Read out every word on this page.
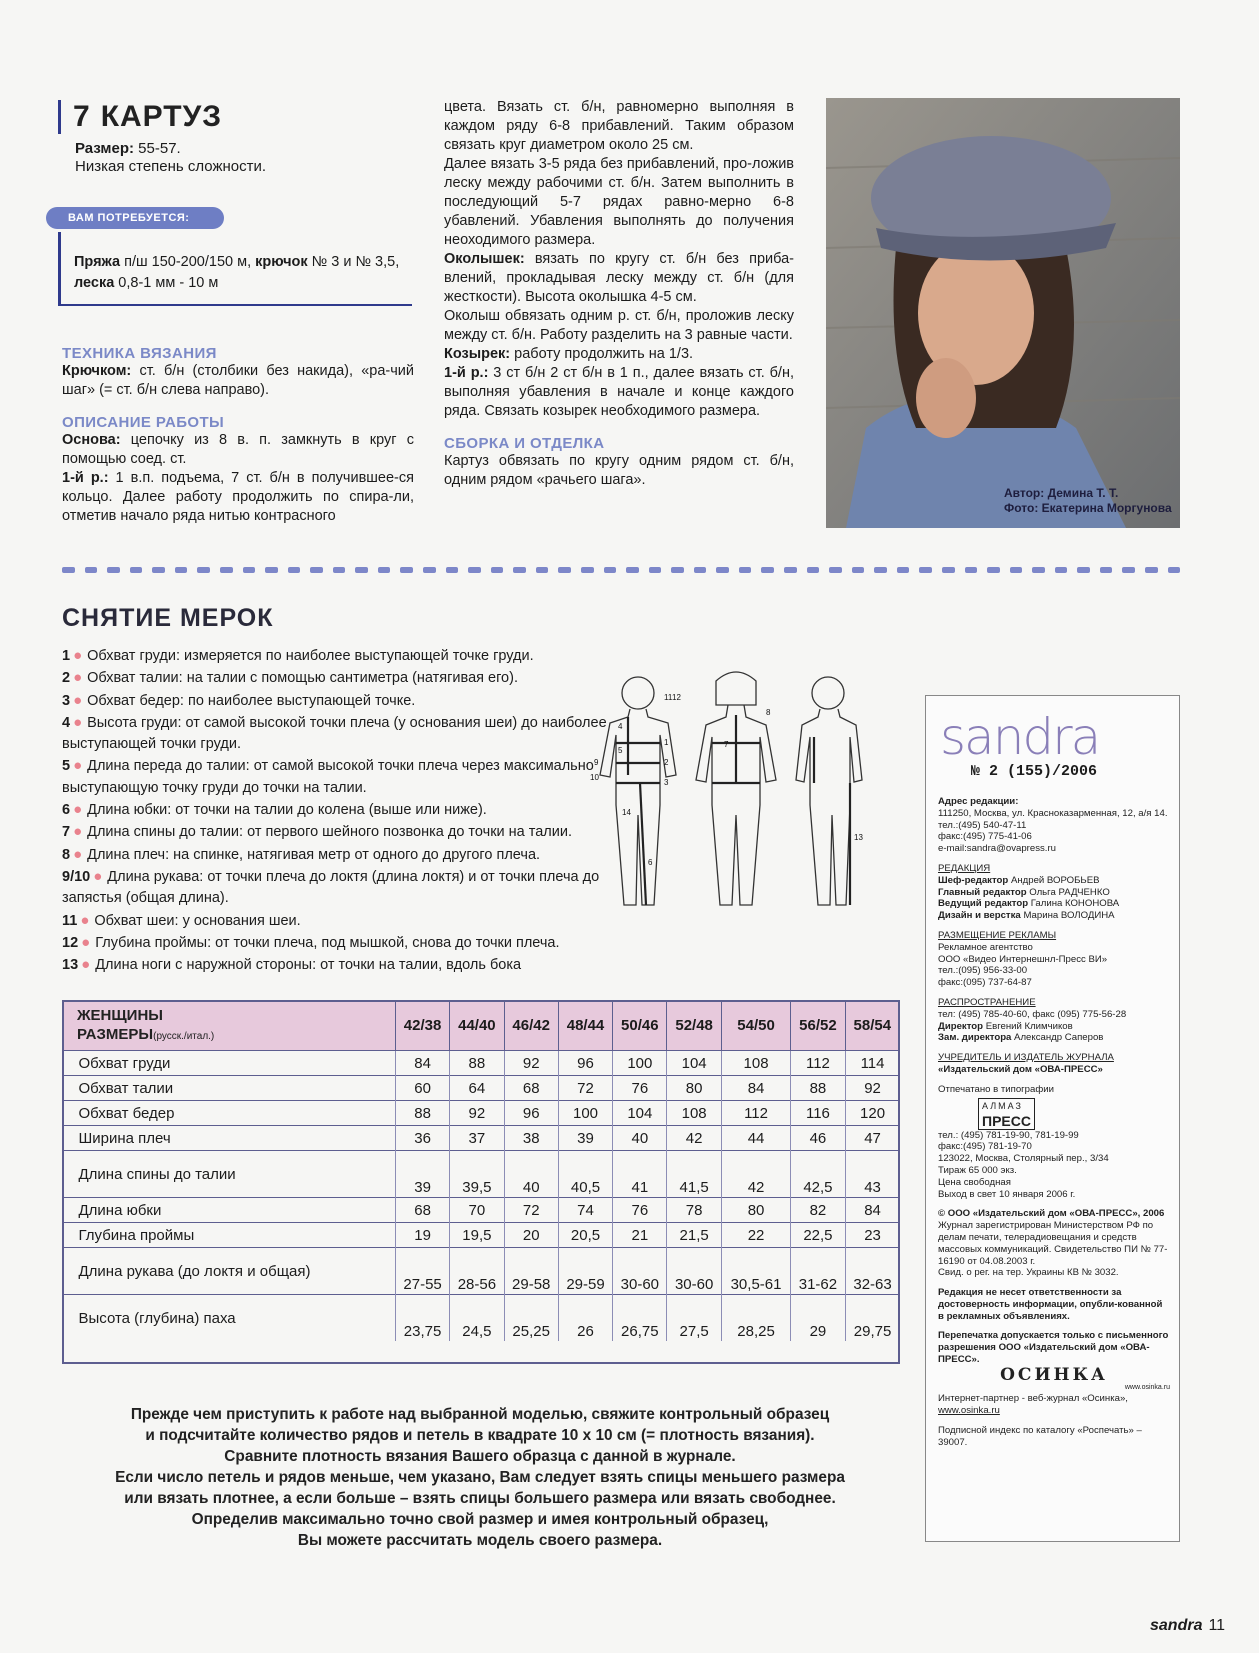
7 КАРТУЗ
Размер: 55-57.
Низкая степень сложности.
ВАМ ПОТРЕБУЕТСЯ:
Пряжа п/ш 150-200/150 м, крючок № 3 и № 3,5,
леска 0,8-1 мм - 10 м
ТЕХНИКА ВЯЗАНИЯ
Крючком: ст. б/н (столбики без накида), «ра-чий шаг» (= ст. б/н слева направо).
ОПИСАНИЕ РАБОТЫ
Основа: цепочку из 8 в. п. замкнуть в круг с помощью соед. ст.
1-й р.: 1 в.п. подъема, 7 ст. б/н в получившее-ся кольцо. Далее работу продолжить по спира-ли, отметив начало ряда нитью контрасного
цвета. Вязать ст. б/н, равномерно выполняя в каждом ряду 6-8 прибавлений. Таким образом связать круг диаметром около 25 см.
Далее вязать 3-5 ряда без прибавлений, про-ложив леску между рабочими ст. б/н. Затем выполнить в последующий 5-7 рядах равно-мерно 6-8 убавлений. Убавления выполнять до получения неоходимого размера.
Околышек: вязать по кругу ст. б/н без приба-влений, прокладывая леску между ст. б/н (для жесткости). Высота околышка 4-5 см.
Околыш обвязать одним р. ст. б/н, проложив леску между ст. б/н. Работу разделить на 3 равные части.
Козырек: работу продолжить на 1/3.
1-й р.: 3 ст б/н 2 ст б/н в 1 п., далее вязать ст. б/н, выполняя убавления в начале и конце каждого ряда. Связать козырек необходимого размера.
СБОРКА И ОТДЕЛКА
Картуз обвязать по кругу одним рядом ст. б/н, одним рядом «рачьего шага».
Автор: Демина Т. Т.
Фото: Екатерина Моргунова
СНЯТИЕ МЕРОК
1 ● Обхват груди: измеряется по наиболее выступающей точке груди.
2 ● Обхват талии: на талии с помощью сантиметра (натягивая его).
3 ● Обхват бедер: по наиболее выступающей точке.
4 ● Высота груди: от самой высокой точки плеча (у основания шеи) до наиболее выступающей точки груди.
5 ● Длина переда до талии: от самой высокой точки плеча через максимально выступающую точку груди до точки на талии.
6 ● Длина юбки: от точки на талии до колена (выше или ниже).
7 ● Длина спины до талии: от первого шейного позвонка до точки на талии.
8 ● Длина плеч: на спинке, натягивая метр от одного до другого плеча.
9/10 ● Длина рукава: от точки плеча до локтя (длина локтя) и от точки плеча до запястья (общая длина).
11 ● Обхват шеи: у основания шеи.
12 ● Глубина проймы: от точки плеча, под мышкой, снова до точки плеча.
13 ● Длина ноги с наружной стороны: от точки на талии, вдоль бока
9
10
14
11 12
1
2
3
4
5
6
7
8
13
sandra
№ 2 (155)/2006
Адрес редакции:
111250, Москва, ул. Красноказарменная, 12, а/я 14.
тел.:(495) 540-47-11
факс:(495) 775-41-06
e-mail:sandra@ovapress.ru
РЕДАКЦИЯ
Шеф-редактор Андрей ВОРОБЬЕВ
Главный редактор Ольга РАДЧЕНКО
Ведущий редактор Галина КОНОНОВА
Дизайн и верстка Марина ВОЛОДИНА
РАЗМЕЩЕНИЕ РЕКЛАМЫ
Рекламное агентство
ООО «Видео Интернешнл-Пресс ВИ»
тел.:(095) 956-33-00
факс:(095) 737-64-87
РАСПРОСТРАНЕНИЕ
тел: (495) 785-40-60, факс (095) 775-56-28
Директор Евгений Климчиков
Зам. директора Александр Саперов
УЧРЕДИТЕЛЬ И ИЗДАТЕЛЬ ЖУРНАЛА
«Издательский дом «ОВА-ПРЕСС»
Отпечатано в типографии
АЛМАЗ
ПРЕСС
тел.: (495) 781-19-90, 781-19-99
факс:(495) 781-19-70
123022, Москва, Столярный пер., 3/34
Тираж 65 000 экз.
Цена свободная
Выход в свет 10 января 2006 г.
© ООО «Издательский дом «ОВА-ПРЕСС», 2006
Журнал зарегистрирован Министерством РФ по делам печати, телерадиовещания и средств массовых коммуникаций. Свидетельство ПИ № 77-16190 от 04.08.2003 г.
Свид. о рег. на тер. Украины КВ № 3032.
Редакция не несет ответственности за достоверность информации, опубли-кованной в рекламных объявлениях.
Перепечатка допускается только с письменного разрешения ООО «Издательский дом «ОВА-ПРЕСС».
ОСИНКА
www.osinka.ru
Интернет-партнер - веб-журнал «Осинка»,
www.osinka.ru
Подписной индекс по каталогу «Роспечать» – 39007.
ЖЕНЩИНЫ
РАЗМЕРЫ(русск./итал.)	42/38	44/40	46/42	48/44	50/46	52/48	54/50	56/52	58/54
Обхват груди	84	88	92	96	100	104	108	112	114
Обхват талии	60	64	68	72	76	80	84	88	92
Обхват бедер	88	92	96	100	104	108	112	116	120
Ширина плеч	36	37	38	39	40	42	44	46	47
Длина спины до талии	39	39,5	40	40,5	41	41,5	42	42,5	43
Длина юбки	68	70	72	74	76	78	80	82	84
Глубина проймы	19	19,5	20	20,5	21	21,5	22	22,5	23
Длина рукава (до локтя и общая)	27-55	28-56	29-58	29-59	30-60	30-60	30,5-61	31-62	32-63
Высота (глубина) паха	23,75	24,5	25,25	26	26,75	27,5	28,25	29	29,75
Прежде чем приступить к работе над выбранной моделью, свяжите контрольный образец
и подсчитайте количество рядов и петель в квадрате 10 х 10 см (= плотность вязания).
Сравните плотность вязания Вашего образца с данной в журнале.
Если число петель и рядов меньше, чем указано, Вам следует взять спицы меньшего размера
или вязать плотнее, а если больше – взять спицы большего размера или вязать свободнее.
Определив максимально точно свой размер и имея контрольный образец,
Вы можете рассчитать модель своего размера.
sandra 11
